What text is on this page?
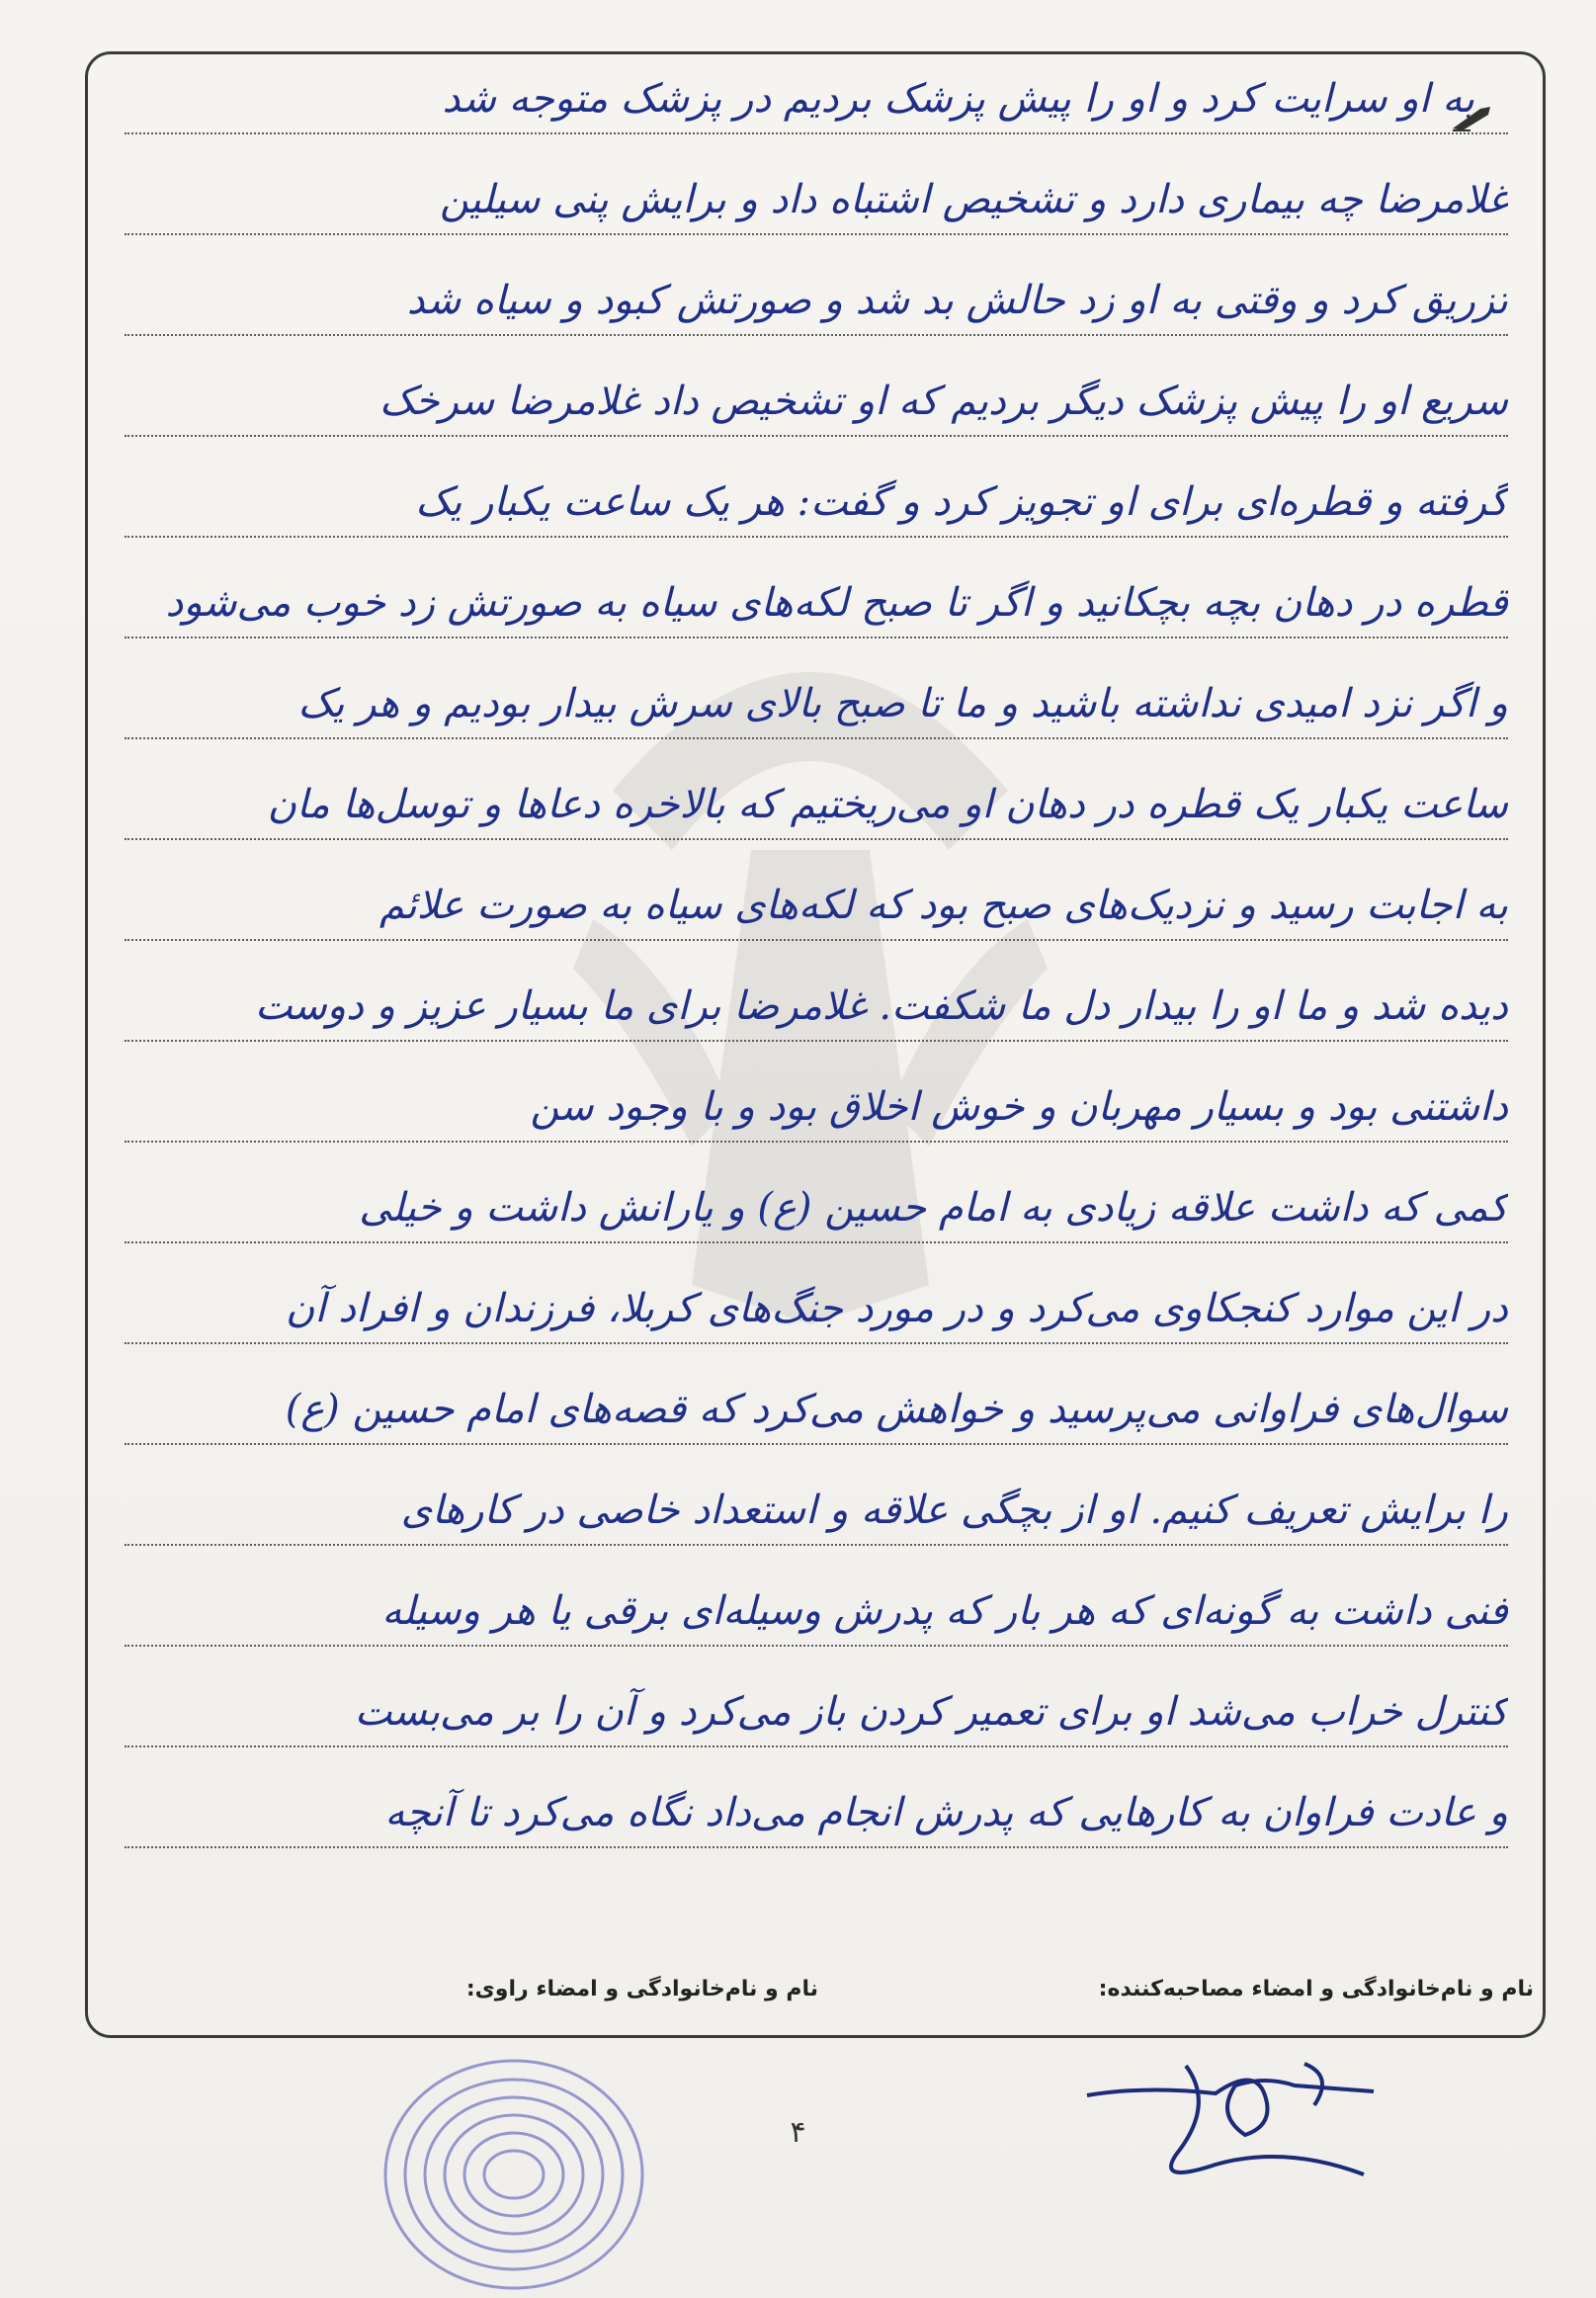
به او سرایت کرد و او را پیش پزشک بردیم در پزشک متوجه شد
غلامرضا چه بیماری دارد و تشخیص اشتباه داد و برایش پنی سیلین
تزریق کرد و وقتی به او زد حالش بد شد و صورتش کبود و سیاه شد
سریع او را پیش پزشک دیگر بردیم که او تشخیص داد غلامرضا سرخک
گرفته و قطره‌ای برای او تجویز کرد و گفت: هر یک ساعت یکبار یک
قطره در دهان بچه بچکانید و اگر تا صبح لکه‌های سیاه به صورتش زد خوب می‌شود
و اگر نزد امیدی نداشته باشید و ما تا صبح بالای سرش بیدار بودیم و هر یک
ساعت یکبار یک قطره در دهان او می‌ریختیم که بالاخره دعاها و توسل‌ها مان
به اجابت رسید و نزدیک‌های صبح بود که لکه‌های سیاه به صورت علائم
دیده شد و ما او را بیدار دل ما شکفت. غلامرضا برای ما بسیار عزیز و دوست
داشتنی بود و بسیار مهربان و خوش اخلاق بود و با وجود سن
کمی که داشت علاقه زیادی به امام حسین (ع) و یارانش داشت و خیلی
در این موارد کنجکاوی می‌کرد و در مورد جنگ‌های کربلا، فرزندان و افراد آن
سوال‌های فراوانی می‌پرسید و خواهش می‌کرد که قصه‌های امام حسین (ع)
را برایش تعریف کنیم. او از بچگی علاقه و استعداد خاصی در کارهای
فنی داشت به گونه‌ای که هر بار که پدرش وسیله‌ای برقی یا هر وسیله
کنترل خراب می‌شد او برای تعمیر کردن باز می‌کرد و آن را بر می‌بست
و عادت فراوان به کارهایی که پدرش انجام می‌داد نگاه می‌کرد تا آنچه
نام و نام‌خانوادگی و امضاء مصاحبه‌کننده:
نام و نام‌خانوادگی و امضاء راوی:
۴
